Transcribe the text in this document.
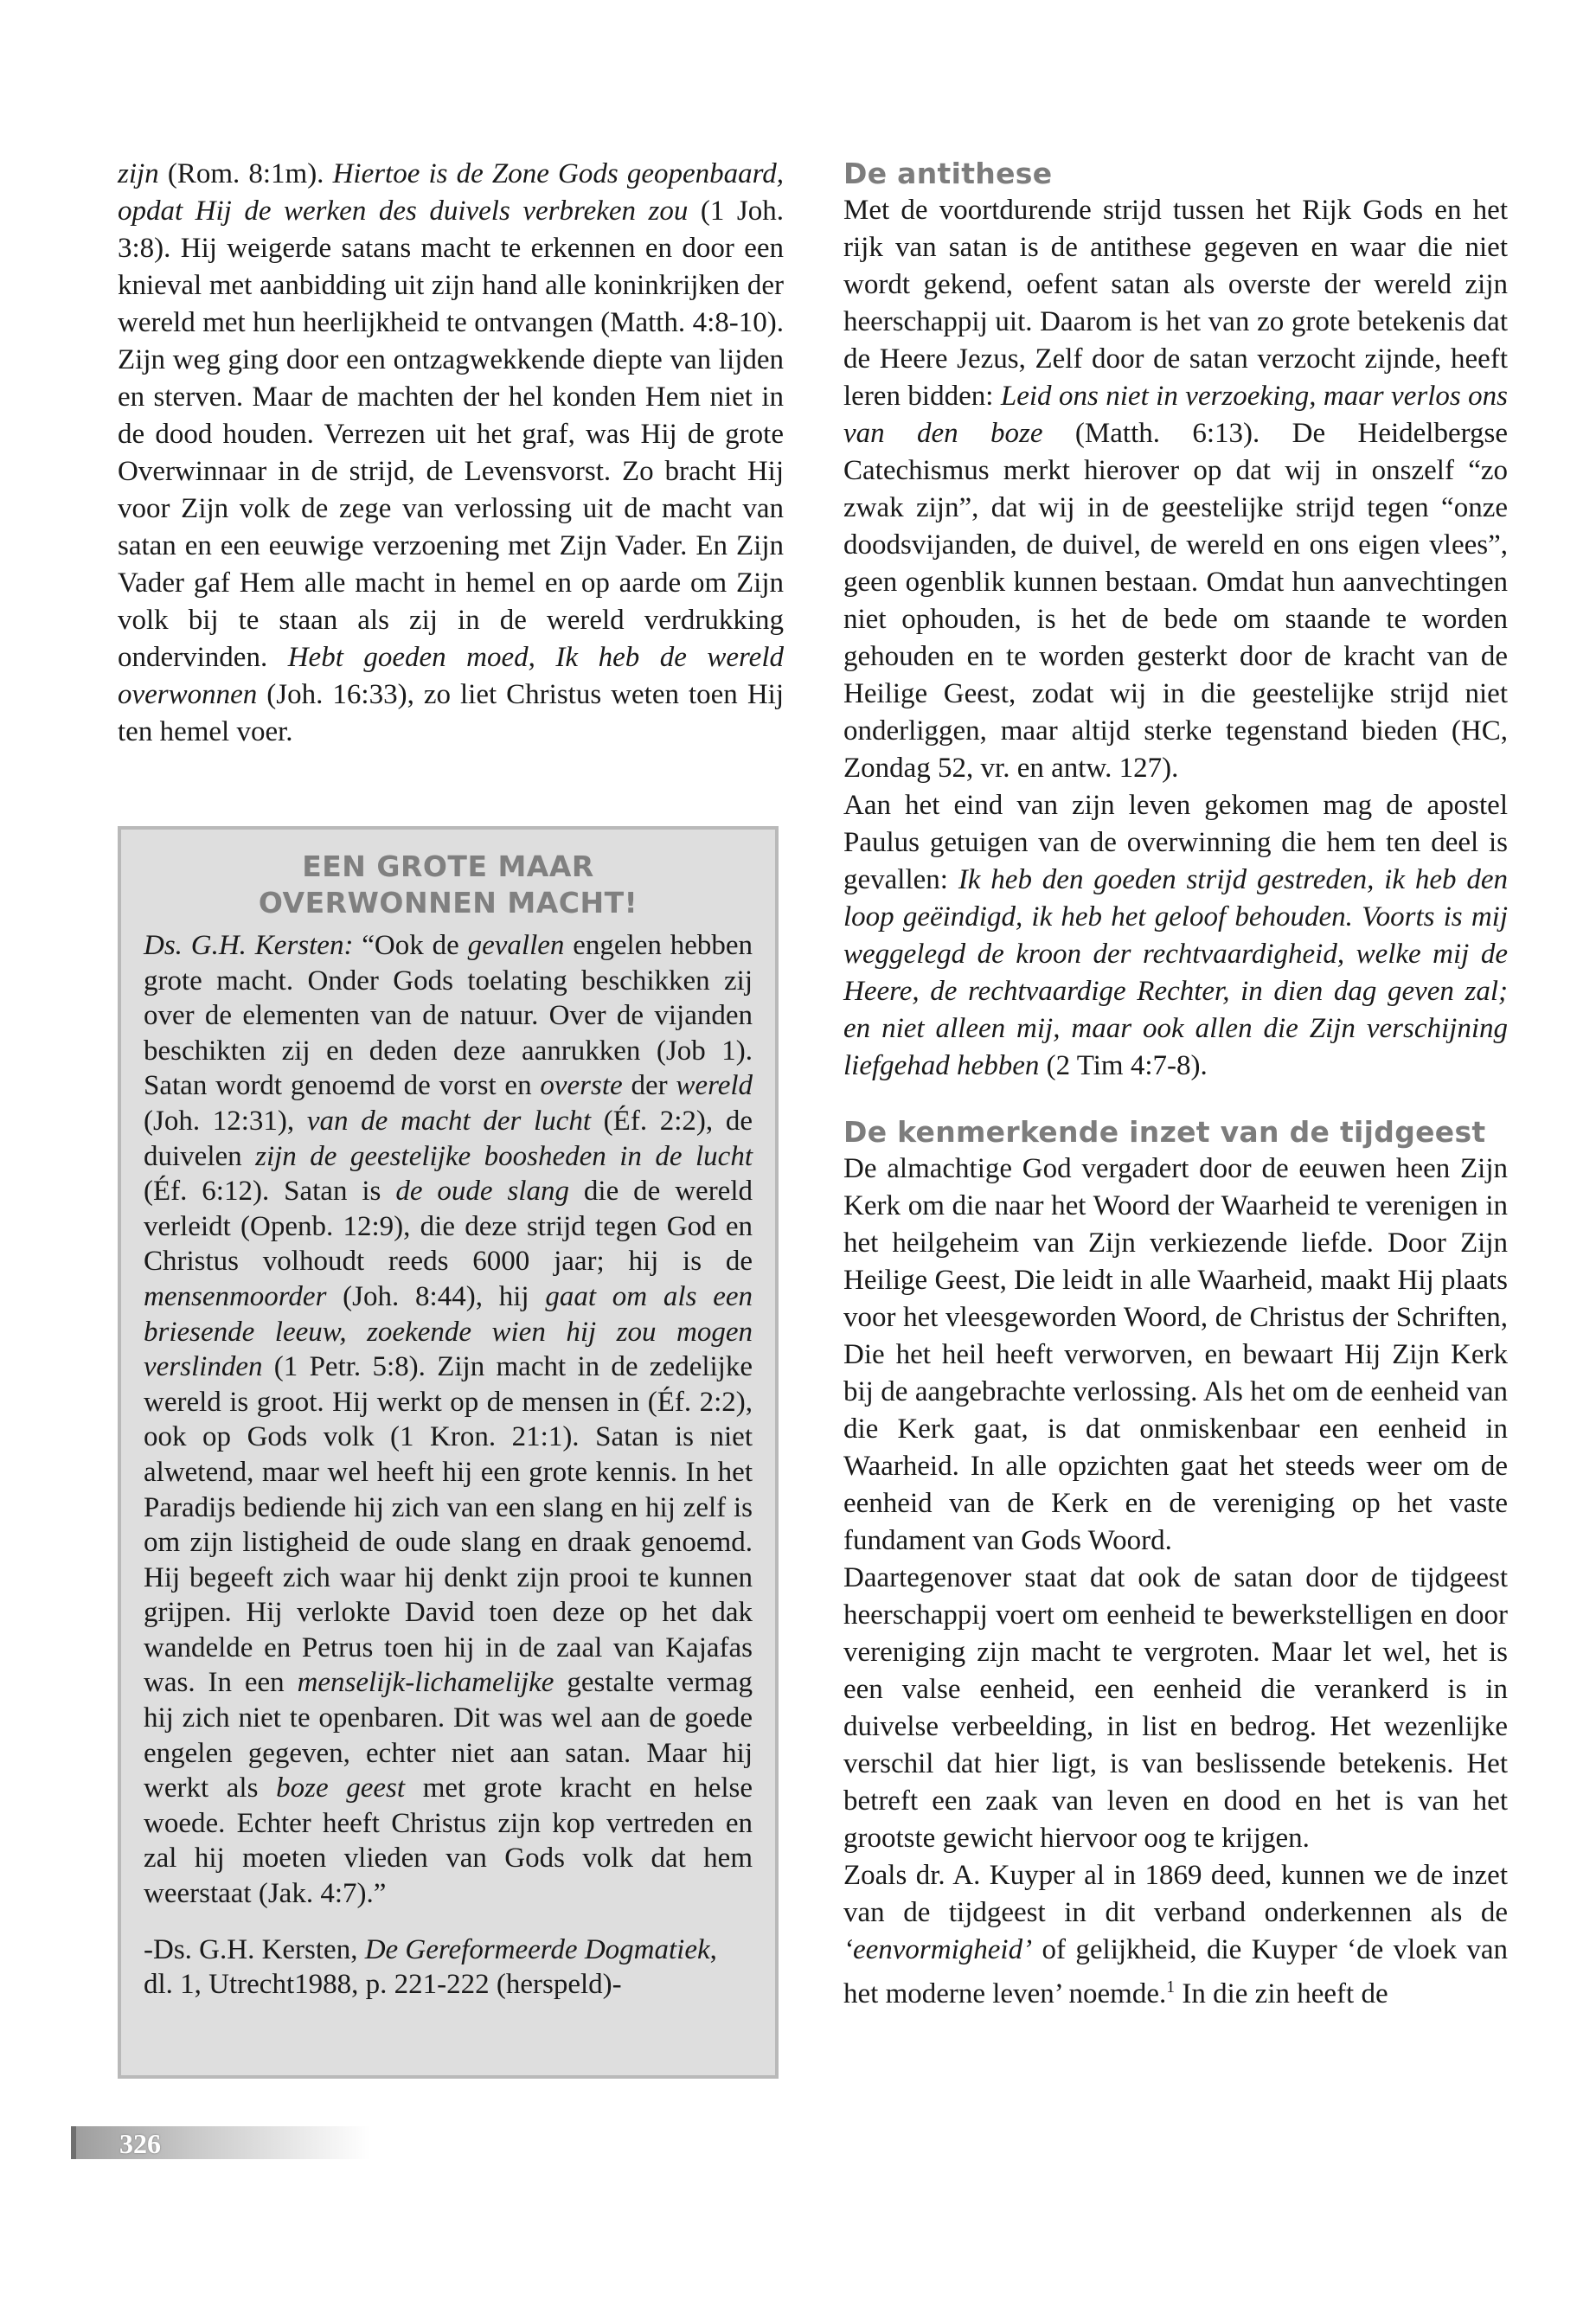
zijn (Rom. 8:1m). Hiertoe is de Zone Gods geopenbaard, opdat Hij de werken des duivels verbreken zou (1 Joh. 3:8). Hij weigerde satans macht te erkennen en door een knieval met aanbidding uit zijn hand alle koninkrijken der wereld met hun heerlijkheid te ontvangen (Matth. 4:8-10). Zijn weg ging door een ontzagwekkende diepte van lijden en sterven. Maar de machten der hel konden Hem niet in de dood houden. Verrezen uit het graf, was Hij de grote Overwinnaar in de strijd, de Levensvorst. Zo bracht Hij voor Zijn volk de zege van verlossing uit de macht van satan en een eeuwige verzoening met Zijn Vader. En Zijn Vader gaf Hem alle macht in hemel en op aarde om Zijn volk bij te staan als zij in de wereld verdrukking ondervinden. Hebt goeden moed, Ik heb de wereld overwonnen (Joh. 16:33), zo liet Christus weten toen Hij ten hemel voer.

EEN GROTE MAAR
OVERWONNEN MACHT!

Ds. G.H. Kersten: “Ook de gevallen engelen hebben grote macht. Onder Gods toelating beschikken zij over de elementen van de natuur. Over de vijanden beschikten zij en deden deze aanrukken (Job 1). Satan wordt genoemd de vorst en overste der wereld (Joh. 12:31), van de macht der lucht (Éf. 2:2), de duivelen zijn de geestelijke boosheden in de lucht (Éf. 6:12). Satan is de oude slang die de wereld verleidt (Openb. 12:9), die deze strijd tegen God en Christus volhoudt reeds 6000 jaar; hij is de mensenmoorder (Joh. 8:44), hij gaat om als een briesende leeuw, zoekende wien hij zou mogen verslinden (1 Petr. 5:8). Zijn macht in de zedelijke wereld is groot. Hij werkt op de mensen in (Éf. 2:2), ook op Gods volk (1 Kron. 21:1). Satan is niet alwetend, maar wel heeft hij een grote kennis. In het Paradijs bediende hij zich van een slang en hij zelf is om zijn listigheid de oude slang en draak genoemd. Hij begeeft zich waar hij denkt zijn prooi te kunnen grijpen. Hij verlokte David toen deze op het dak wandelde en Petrus toen hij in de zaal van Kajafas was. In een menselijk-lichamelijke gestalte vermag hij zich niet te openbaren. Dit was wel aan de goede engelen gegeven, echter niet aan satan. Maar hij werkt als boze geest met grote kracht en helse woede. Echter heeft Christus zijn kop vertreden en zal hij moeten vlieden van Gods volk dat hem weerstaat (Jak. 4:7).”

-Ds. G.H. Kersten, De Gereformeerde Dogmatiek, dl. 1, Utrecht1988, p. 221-222 (herspeld)-

De antithese

Met de voortdurende strijd tussen het Rijk Gods en het rijk van satan is de antithese gegeven en waar die niet wordt gekend, oefent satan als overste der wereld zijn heerschappij uit. Daarom is het van zo grote betekenis dat de Heere Jezus, Zelf door de satan verzocht zijnde, heeft leren bidden: Leid ons niet in verzoeking, maar verlos ons van den boze (Matth. 6:13). De Heidelbergse Catechismus merkt hierover op dat wij in onszelf “zo zwak zijn”, dat wij in de geestelijke strijd tegen “onze doodsvijanden, de duivel, de wereld en ons eigen vlees”, geen ogenblik kunnen bestaan. Omdat hun aanvechtingen niet ophouden, is het de bede om staande te worden gehouden en te worden gesterkt door de kracht van de Heilige Geest, zodat wij in die geestelijke strijd niet onderliggen, maar altijd sterke tegenstand bieden (HC, Zondag 52, vr. en antw. 127).

Aan het eind van zijn leven gekomen mag de apostel Paulus getuigen van de overwinning die hem ten deel is gevallen: Ik heb den goeden strijd gestreden, ik heb den loop geëindigd, ik heb het geloof behouden. Voorts is mij weggelegd de kroon der rechtvaardigheid, welke mij de Heere, de rechtvaardige Rechter, in dien dag geven zal; en niet alleen mij, maar ook allen die Zijn verschijning liefgehad hebben (2 Tim 4:7-8).

De kenmerkende inzet van de tijdgeest

De almachtige God vergadert door de eeuwen heen Zijn Kerk om die naar het Woord der Waarheid te verenigen in het heilgeheim van Zijn verkiezende liefde. Door Zijn Heilige Geest, Die leidt in alle Waarheid, maakt Hij plaats voor het vleesgeworden Woord, de Christus der Schriften, Die het heil heeft verworven, en bewaart Hij Zijn Kerk bij de aangebrachte verlossing. Als het om de eenheid van die Kerk gaat, is dat onmiskenbaar een eenheid in Waarheid. In alle opzichten gaat het steeds weer om de eenheid van de Kerk en de vereniging op het vaste fundament van Gods Woord.

Daartegenover staat dat ook de satan door de tijdgeest heerschappij voert om eenheid te bewerkstelligen en door vereniging zijn macht te vergroten. Maar let wel, het is een valse eenheid, een eenheid die verankerd is in duivelse verbeelding, in list en bedrog. Het wezenlijke verschil dat hier ligt, is van beslissende betekenis. Het betreft een zaak van leven en dood en het is van het grootste gewicht hiervoor oog te krijgen.

Zoals dr. A. Kuyper al in 1869 deed, kunnen we de inzet van de tijdgeest in dit verband onderkennen als de ‘eenvormigheid’ of gelijkheid, die Kuyper ‘de vloek van het moderne leven’ noemde.$^1$ In die zin heeft de

326
